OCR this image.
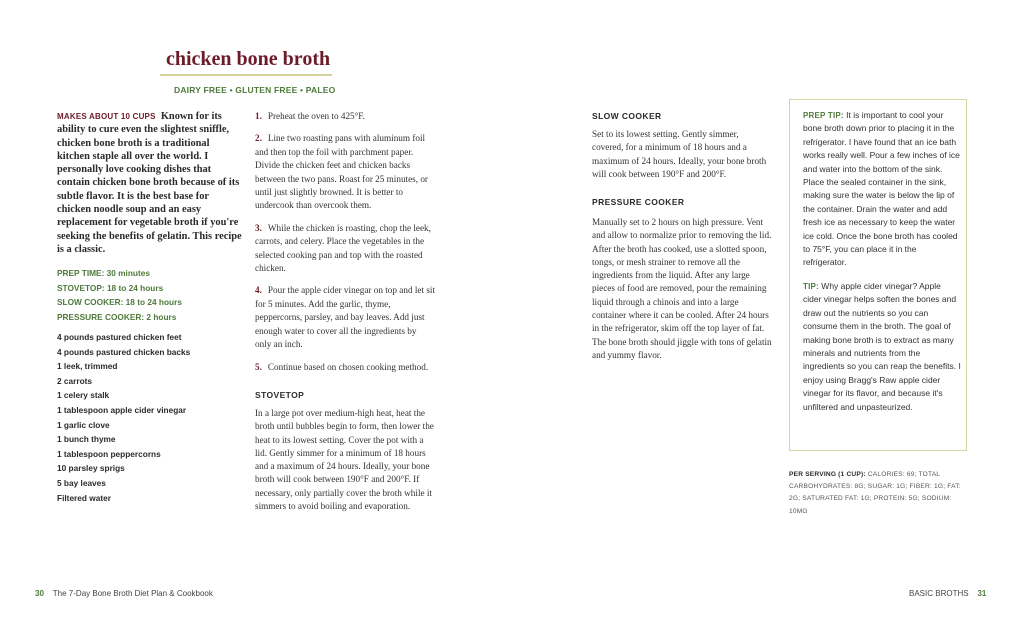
chicken bone broth
DAIRY FREE • GLUTEN FREE • PALEO
MAKES ABOUT 10 CUPS Known for its ability to cure even the slightest sniffle, chicken bone broth is a traditional kitchen staple all over the world. I personally love cooking dishes that contain chicken bone broth because of its subtle flavor. It is the best base for chicken noodle soup and an easy replacement for vegetable broth if you're seeking the benefits of gelatin. This recipe is a classic.
PREP TIME: 30 minutes
STOVETOP: 18 to 24 hours
SLOW COOKER: 18 to 24 hours
PRESSURE COOKER: 2 hours
4 pounds pastured chicken feet
4 pounds pastured chicken backs
1 leek, trimmed
2 carrots
1 celery stalk
1 tablespoon apple cider vinegar
1 garlic clove
1 bunch thyme
1 tablespoon peppercorns
10 parsley sprigs
5 bay leaves
Filtered water
1. Preheat the oven to 425°F.
2. Line two roasting pans with aluminum foil and then top the foil with parchment paper. Divide the chicken feet and chicken backs between the two pans. Roast for 25 minutes, or until just slightly browned. It is better to undercook than overcook them.
3. While the chicken is roasting, chop the leek, carrots, and celery. Place the vegetables in the selected cooking pan and top with the roasted chicken.
4. Pour the apple cider vinegar on top and let sit for 5 minutes. Add the garlic, thyme, peppercorns, parsley, and bay leaves. Add just enough water to cover all the ingredients by only an inch.
5. Continue based on chosen cooking method.
STOVETOP
In a large pot over medium-high heat, heat the broth until bubbles begin to form, then lower the heat to its lowest setting. Cover the pot with a lid. Gently simmer for a minimum of 18 hours and a maximum of 24 hours. Ideally, your bone broth will cook between 190°F and 200°F. If necessary, only partially cover the broth while it simmers to avoid boiling and evaporation.
SLOW COOKER
Set to its lowest setting. Gently simmer, covered, for a minimum of 18 hours and a maximum of 24 hours. Ideally, your bone broth will cook between 190°F and 200°F.
PRESSURE COOKER
Manually set to 2 hours on high pressure. Vent and allow to normalize prior to removing the lid. After the broth has cooked, use a slotted spoon, tongs, or mesh strainer to remove all the ingredients from the liquid. After any large pieces of food are removed, pour the remaining liquid through a chinois and into a large container where it can be cooled. After 24 hours in the refrigerator, skim off the top layer of fat. The bone broth should jiggle with tons of gelatin and yummy flavor.

PREP TIP: It is important to cool your bone broth down prior to placing it in the refrigerator. I have found that an ice bath works really well. Pour a few inches of ice and water into the bottom of the sink. Place the sealed container in the sink, making sure the water is below the lip of the container. Drain the water and add fresh ice as necessary to keep the water ice cold. Once the bone broth has cooled to 75°F, you can place it in the refrigerator.

TIP: Why apple cider vinegar? Apple cider vinegar helps soften the bones and draw out the nutrients so you can consume them in the broth. The goal of making bone broth is to extract as many minerals and nutrients from the ingredients so you can reap the benefits. I enjoy using Bragg's Raw apple cider vinegar for its flavor, and because it's unfiltered and unpasteurized.

PER SERVING (1 CUP): CALORIES: 69; TOTAL CARBOHYDRATES: 8G; SUGAR: 1G; FIBER: 1G; FAT: 2G; SATURATED FAT: 1G; PROTEIN: 5G; SODIUM: 10MG
30 The 7-Day Bone Broth Diet Plan & Cookbook	BASIC BROTHS 31
